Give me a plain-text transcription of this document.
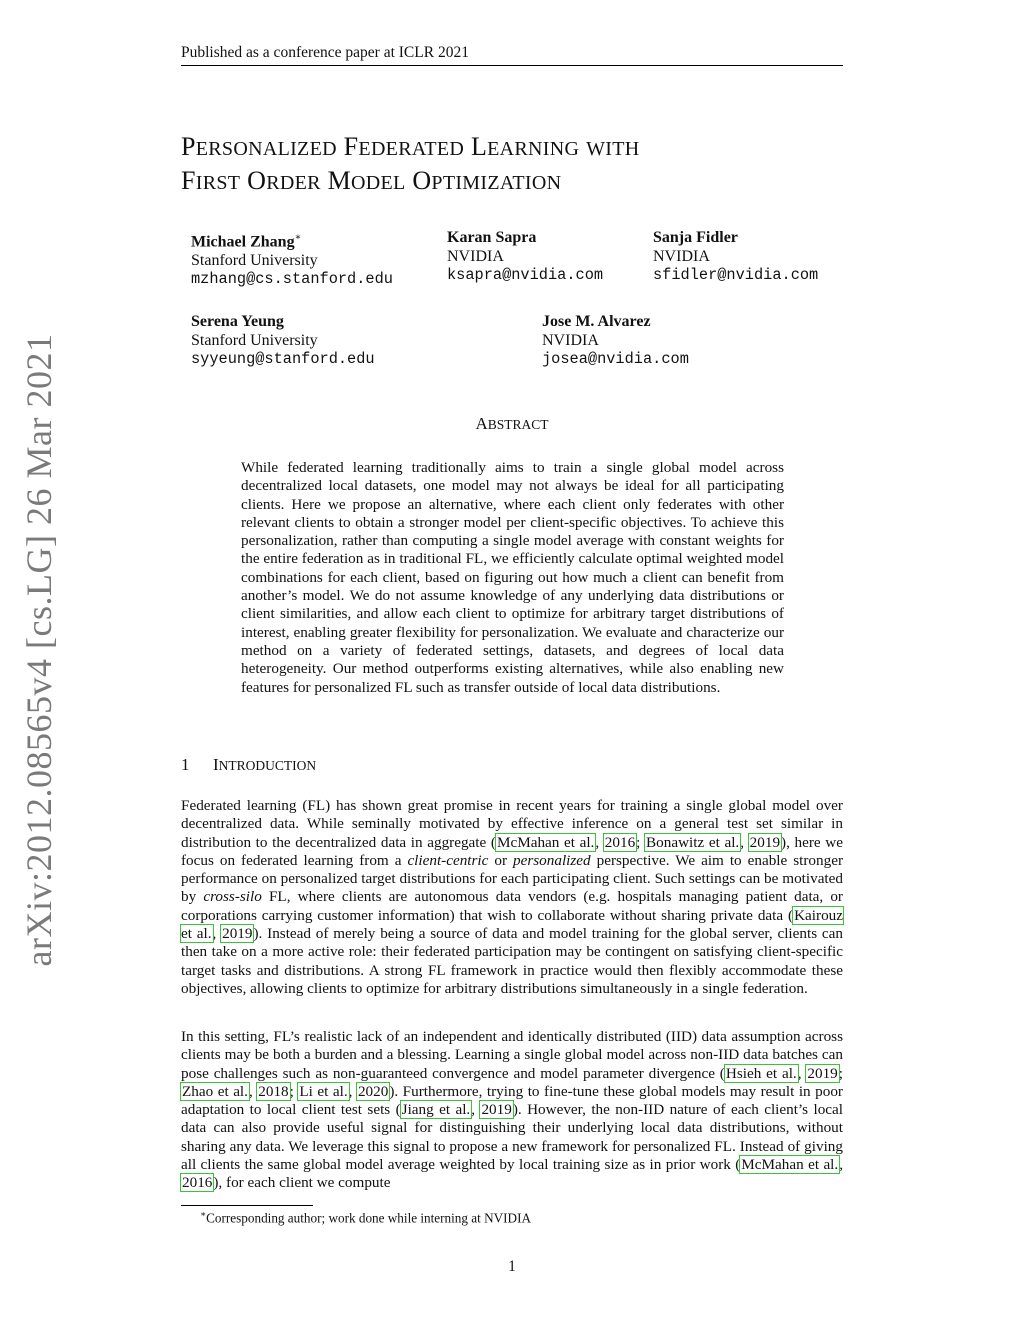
Published as a conference paper at ICLR 2021
arXiv:2012.08565v4 [cs.LG] 26 Mar 2021
PERSONALIZED FEDERATED LEARNING WITH
FIRST ORDER MODEL OPTIMIZATION
Michael Zhang∗
Stanford University
mzhang@cs.stanford.edu
Karan Sapra
NVIDIA
ksapra@nvidia.com
Sanja Fidler
NVIDIA
sfidler@nvidia.com
Serena Yeung
Stanford University
syyeung@stanford.edu
Jose M. Alvarez
NVIDIA
josea@nvidia.com
ABSTRACT
While federated learning traditionally aims to train a single global model across decentralized local datasets, one model may not always be ideal for all participating clients. Here we propose an alternative, where each client only federates with other relevant clients to obtain a stronger model per client-specific objectives. To achieve this personalization, rather than computing a single model average with constant weights for the entire federation as in traditional FL, we efficiently calculate optimal weighted model combinations for each client, based on figuring out how much a client can benefit from another’s model. We do not assume knowledge of any underlying data distributions or client similarities, and allow each client to optimize for arbitrary target distributions of interest, enabling greater flexibility for personalization. We evaluate and characterize our method on a variety of federated settings, datasets, and degrees of local data heterogeneity. Our method outperforms existing alternatives, while also enabling new features for personalized FL such as transfer outside of local data distributions.
1 INTRODUCTION
Federated learning (FL) has shown great promise in recent years for training a single global model over decentralized data. While seminally motivated by effective inference on a general test set similar in distribution to the decentralized data in aggregate (McMahan et al., 2016; Bonawitz et al., 2019), here we focus on federated learning from a client-centric or personalized perspective. We aim to enable stronger performance on personalized target distributions for each participating client. Such settings can be motivated by cross-silo FL, where clients are autonomous data vendors (e.g. hospitals managing patient data, or corporations carrying customer information) that wish to collaborate without sharing private data (Kairouz et al., 2019). Instead of merely being a source of data and model training for the global server, clients can then take on a more active role: their federated participation may be contingent on satisfying client-specific target tasks and distributions. A strong FL framework in practice would then flexibly accommodate these objectives, allowing clients to optimize for arbitrary distributions simultaneously in a single federation.
In this setting, FL’s realistic lack of an independent and identically distributed (IID) data assumption across clients may be both a burden and a blessing. Learning a single global model across non-IID data batches can pose challenges such as non-guaranteed convergence and model parameter divergence (Hsieh et al., 2019; Zhao et al., 2018; Li et al., 2020). Furthermore, trying to fine-tune these global models may result in poor adaptation to local client test sets (Jiang et al., 2019). However, the non-IID nature of each client’s local data can also provide useful signal for distinguishing their underlying local data distributions, without sharing any data. We leverage this signal to propose a new framework for personalized FL. Instead of giving all clients the same global model average weighted by local training size as in prior work (McMahan et al., 2016), for each client we compute
∗Corresponding author; work done while interning at NVIDIA
1
